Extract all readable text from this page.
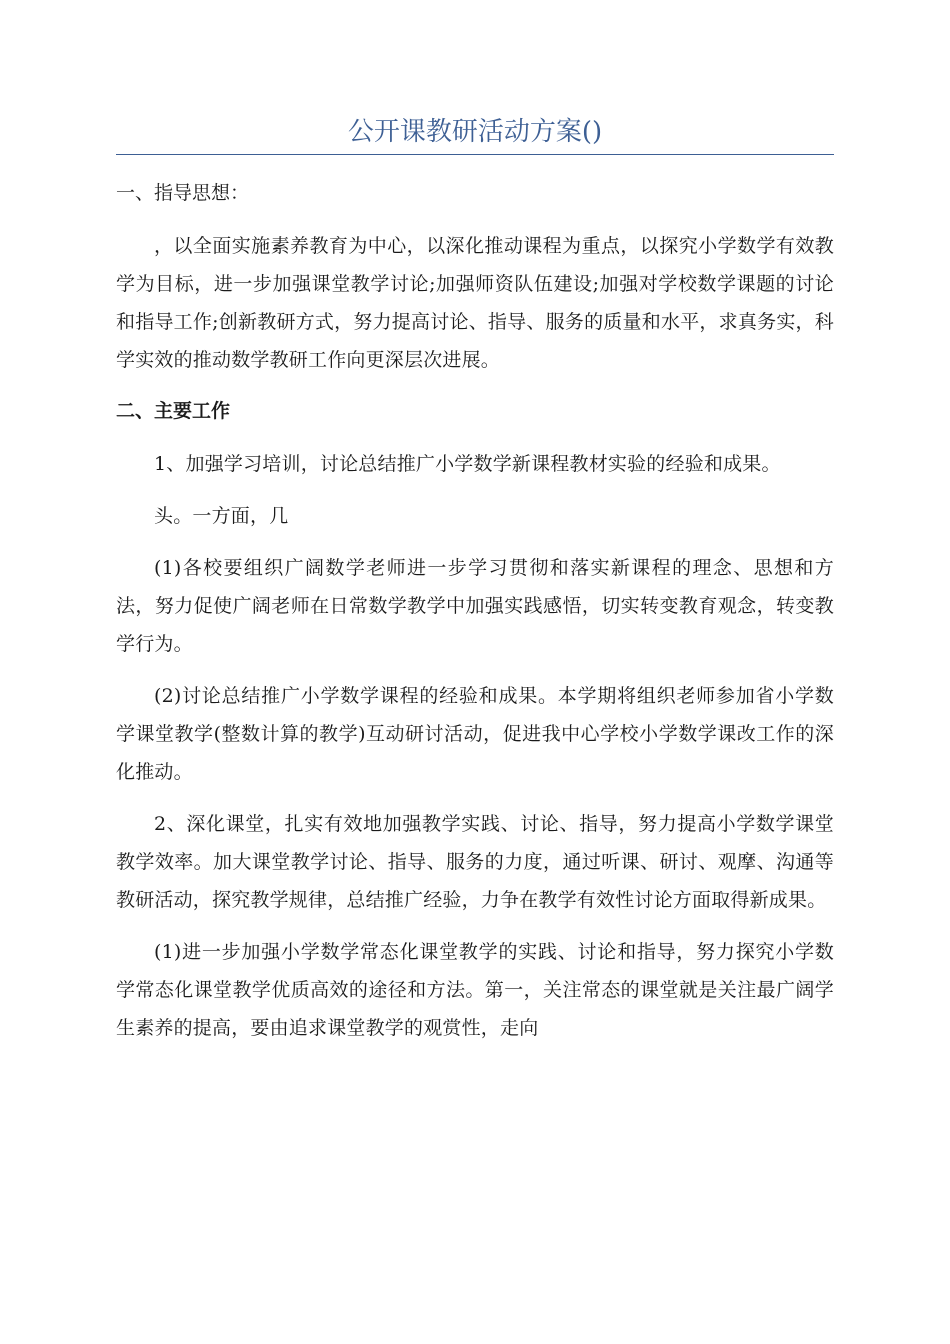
公开课教研活动方案()
一、指导思想：

，以全面实施素养教育为中心，以深化推动课程为重点，以探究小学数学有效教学为目标，进一步加强课堂教学讨论;加强师资队伍建设;加强对学校数学课题的讨论和指导工作;创新教研方式，努力提高讨论、指导、服务的质量和水平，求真务实，科学实效的推动数学教研工作向更深层次进展。

二、主要工作

1、加强学习培训，讨论总结推广小学数学新课程教材实验的经验和成果。

头。一方面，几

(1)各校要组织广阔数学老师进一步学习贯彻和落实新课程的理念、思想和方法，努力促使广阔老师在日常数学教学中加强实践感悟，切实转变教育观念，转变教学行为。

(2)讨论总结推广小学数学课程的经验和成果。本学期将组织老师参加省小学数学课堂教学(整数计算的教学)互动研讨活动，促进我中心学校小学数学课改工作的深化推动。

2、深化课堂，扎实有效地加强教学实践、讨论、指导，努力提高小学数学课堂教学效率。加大课堂教学讨论、指导、服务的力度，通过听课、研讨、观摩、沟通等教研活动，探究教学规律，总结推广经验，力争在教学有效性讨论方面取得新成果。

(1)进一步加强小学数学常态化课堂教学的实践、讨论和指导，努力探究小学数学常态化课堂教学优质高效的途径和方法。第一，关注常态的课堂就是关注最广阔学生素养的提高，要由追求课堂教学的观赏性，走向
